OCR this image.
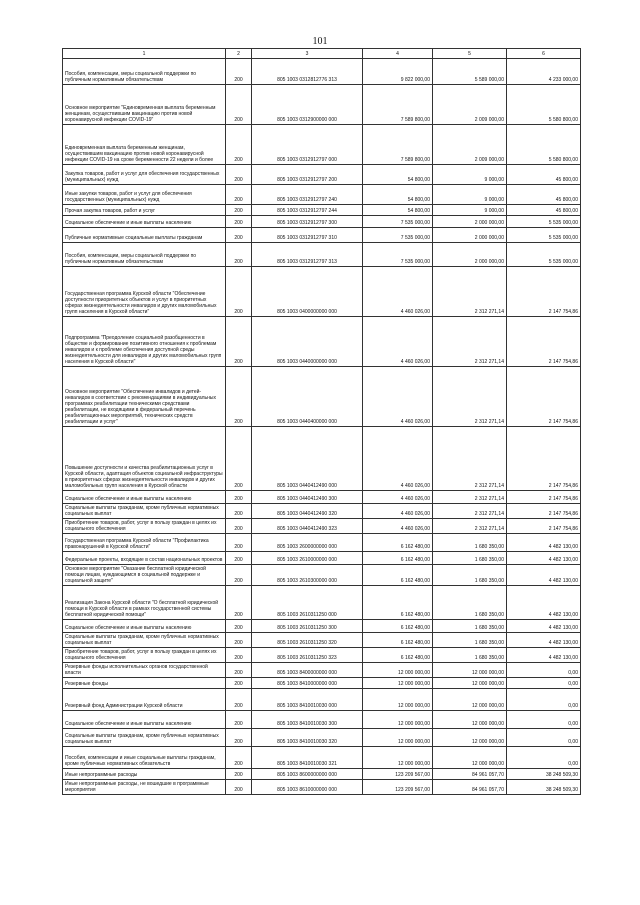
101
1	2	3	4	5	6
Пособия, компенсации, меры социальной поддержки по публичным нормативным обязательствам	200	805 1003 0312812776 313	9 822 000,00	5 589 000,00	4 233 000,00
Основное мероприятие "Единовременная выплата беременным женщинам, осуществившим вакцинацию против новой коронавирусной инфекции COVID-19"	200	805 1003 0312900000 000	7 589 800,00	2 009 000,00	5 580 800,00
Единовременная выплата беременным женщинам, осуществившим вакцинацию против новой коронавирусной инфекции COVID-19 на сроке беременности 22 недели и более	200	805 1003 0312912797 000	7 589 800,00	2 009 000,00	5 580 800,00
Закупка товаров, работ и услуг для обеспечения государственных (муниципальных) нужд	200	805 1003 0312912797 200	54 800,00	9 000,00	45 800,00
Иные закупки товаров, работ и услуг для обеспечения государственных (муниципальных) нужд	200	805 1003 0312912797 240	54 800,00	9 000,00	45 800,00
Прочая закупка товаров, работ и услуг	200	805 1003 0312912797 244	54 800,00	9 000,00	45 800,00
Социальное обеспечение и иные выплаты населению	200	805 1003 0312912797 300	7 535 000,00	2 000 000,00	5 535 000,00
Публичные нормативные социальные выплаты гражданам	200	805 1003 0312912797 310	7 535 000,00	2 000 000,00	5 535 000,00
Пособия, компенсации, меры социальной поддержки по публичным нормативным обязательствам	200	805 1003 0312912797 313	7 535 000,00	2 000 000,00	5 535 000,00
Государственная программа Курской области "Обеспечение доступности приоритетных объектов и услуг в приоритетных сферах жизнедеятельности инвалидов и других маломобильных групп населения в Курской области"	200	805 1003 0400000000 000	4 460 026,00	2 312 271,14	2 147 754,86
Подпрограмма "Преодоление социальной разобщенности в обществе и формирование позитивного отношения к проблемам инвалидов и к проблеме обеспечения доступной среды жизнедеятельности для инвалидов и других маломобильных групп населения в Курской области"	200	805 1003 0440000000 000	4 460 026,00	2 312 271,14	2 147 754,86
Основное мероприятие "Обеспечение инвалидов и детей-инвалидов в соответствии с рекомендациями в индивидуальных программах реабилитации техническими средствами реабилитации, не входящими в федеральный перечень реабилитационных мероприятий, технических средств реабилитации и услуг"	200	805 1003 0440400000 000	4 460 026,00	2 312 271,14	2 147 754,86
Повышение доступности и качества реабилитационных услуг в Курской области, адаптация объектов социальной инфраструктуры в приоритетных сферах жизнедеятельности инвалидов и других маломобильных групп населения в Курской области	200	805 1003 0440412490 000	4 460 026,00	2 312 271,14	2 147 754,86
Социальное обеспечение и иные выплаты населению	200	805 1003 0440412490 300	4 460 026,00	2 312 271,14	2 147 754,86
Социальные выплаты гражданам, кроме публичных нормативных социальных выплат	200	805 1003 0440412490 320	4 460 026,00	2 312 271,14	2 147 754,86
Приобретение товаров, работ, услуг в пользу граждан в целях их социального обеспечения	200	805 1003 0440412490 323	4 460 026,00	2 312 271,14	2 147 754,86
Государственная программа Курской области "Профилактика правонарушений в Курской области"	200	805 1003 2600000000 000	6 162 480,00	1 680 350,00	4 482 130,00
Федеральные проекты, входящие в состав национальных проектов	200	805 1003 2610000000 000	6 162 480,00	1 680 350,00	4 482 130,00
Основное мероприятие "Оказание бесплатной юридической помощи лицам, нуждающимся в социальной поддержке и социальной защите"	200	805 1003 2610300000 000	6 162 480,00	1 680 350,00	4 482 130,00
Реализация Закона Курской области "О бесплатной юридической помощи в Курской области в рамках государственной системы бесплатной юридической помощи"	200	805 1003 2610311250 000	6 162 480,00	1 680 350,00	4 482 130,00
Социальное обеспечение и иные выплаты населению	200	805 1003 2610311250 300	6 162 480,00	1 680 350,00	4 482 130,00
Социальные выплаты гражданам, кроме публичных нормативных социальных выплат	200	805 1003 2610311250 320	6 162 480,00	1 680 350,00	4 482 130,00
Приобретение товаров, работ, услуг в пользу граждан в целях их социального обеспечения	200	805 1003 2610311250 323	6 162 480,00	1 680 350,00	4 482 130,00
Резервные фонды исполнительных органов государственной власти	200	805 1003 8400000000 000	12 000 000,00	12 000 000,00	0,00
Резервные фонды	200	805 1003 8410000000 000	12 000 000,00	12 000 000,00	0,00
Резервный фонд Администрации Курской области	200	805 1003 8410010030 000	12 000 000,00	12 000 000,00	0,00
Социальное обеспечение и иные выплаты населению	200	805 1003 8410010030 300	12 000 000,00	12 000 000,00	0,00
Социальные выплаты гражданам, кроме публичных нормативных социальных выплат	200	805 1003 8410010030 320	12 000 000,00	12 000 000,00	0,00
Пособия, компенсации и иные социальные выплаты гражданам, кроме публичных нормативных обязательств	200	805 1003 8410010030 321	12 000 000,00	12 000 000,00	0,00
Иные непрограммные расходы	200	805 1003 8600000000 000	123 209 567,00	84 961 057,70	38 248 509,30
Иные непрограммные расходы, не вошедшие в программные мероприятия	200	805 1003 8610000000 000	123 209 567,00	84 961 057,70	38 248 509,30
